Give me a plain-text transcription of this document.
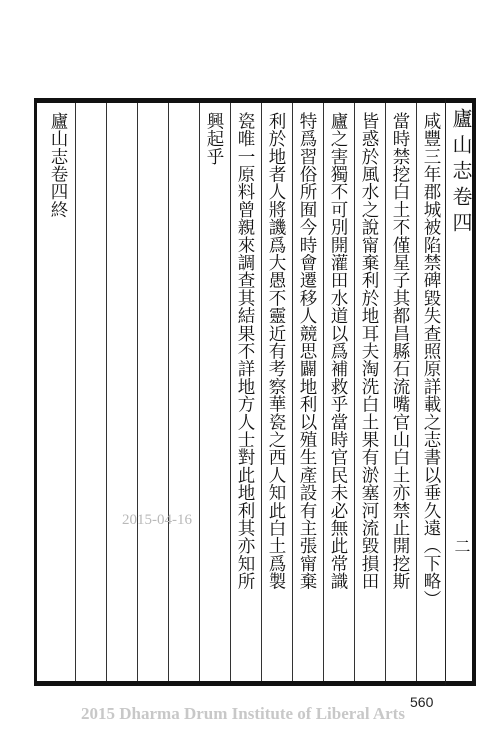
廬山志卷四
二
咸豐三年郡城被陷禁碑毀失查照原詳載之志書以垂久遠（下略）
當時禁挖白土不僅星子其都昌縣石流嘴官山白土亦禁止開挖斯
皆惑於風水之說甯棄利於地耳夫淘洗白土果有淤塞河流毀損田
廬之害獨不可別開灌田水道以爲補救乎當時官民未必無此常識
特爲習俗所囿今時會遷移人競思闢地利以殖生產設有主張甯棄
利於地者人將譏爲大愚不靈近有考察華瓷之西人知此白土爲製
瓷唯一原料曾親來調查其結果不詳地方人士對此地利其亦知所
興起乎
廬山志卷四終
2015-04-16
560
2015 Dharma Drum Institute of Liberal Arts
